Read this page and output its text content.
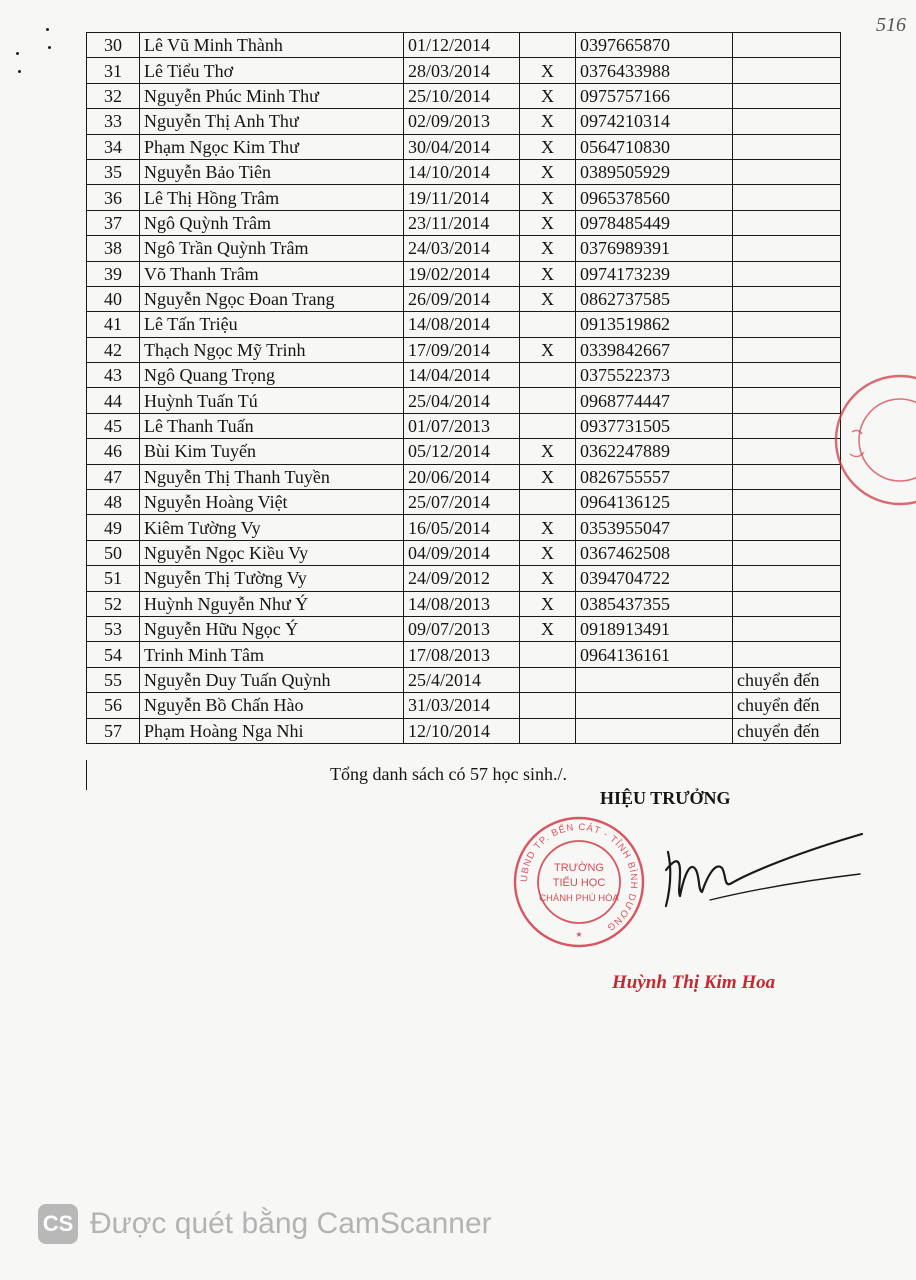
516
30	Lê Vũ Minh Thành	01/12/2014		0397665870	
31	Lê Tiểu Thơ	28/03/2014	X	0376433988	
32	Nguyễn Phúc Minh Thư	25/10/2014	X	0975757166	
33	Nguyễn Thị Anh Thư	02/09/2013	X	0974210314	
34	Phạm Ngọc Kim Thư	30/04/2014	X	0564710830	
35	Nguyễn Bảo Tiên	14/10/2014	X	0389505929	
36	Lê Thị Hồng Trâm	19/11/2014	X	0965378560	
37	Ngô Quỳnh Trâm	23/11/2014	X	0978485449	
38	Ngô Trần Quỳnh Trâm	24/03/2014	X	0376989391	
39	Võ Thanh Trâm	19/02/2014	X	0974173239	
40	Nguyễn Ngọc Đoan Trang	26/09/2014	X	0862737585	
41	Lê Tấn Triệu	14/08/2014		0913519862	
42	Thạch Ngọc Mỹ Trinh	17/09/2014	X	0339842667	
43	Ngô Quang Trọng	14/04/2014		0375522373	
44	Huỳnh Tuấn Tú	25/04/2014		0968774447	
45	Lê Thanh Tuấn	01/07/2013		0937731505	
46	Bùi Kim Tuyến	05/12/2014	X	0362247889	
47	Nguyễn Thị Thanh Tuyền	20/06/2014	X	0826755557	
48	Nguyễn Hoàng Việt	25/07/2014		0964136125	
49	Kiêm Tường Vy	16/05/2014	X	0353955047	
50	Nguyễn Ngọc Kiều Vy	04/09/2014	X	0367462508	
51	Nguyễn Thị Tường Vy	24/09/2012	X	0394704722	
52	Huỳnh Nguyễn Như Ý	14/08/2013	X	0385437355	
53	Nguyễn Hữu Ngọc Ý	09/07/2013	X	0918913491	
54	Trinh Minh Tâm	17/08/2013		0964136161	
55	Nguyễn Duy Tuấn Quỳnh	25/4/2014			chuyển đến
56	Nguyễn Bồ Chấn Hào	31/03/2014			chuyển đến
57	Phạm Hoàng Nga Nhi	12/10/2014			chuyển đến
Tổng danh sách có 57 học sinh./.
HIỆU TRƯỞNG
UBND TP. BẾN CÁT - TỈNH BÌNH DƯƠNG
TRƯỜNG
TIỂU HỌC
CHÁNH PHÚ HÒA
★
Huỳnh Thị Kim Hoa
CS Được quét bằng CamScanner
